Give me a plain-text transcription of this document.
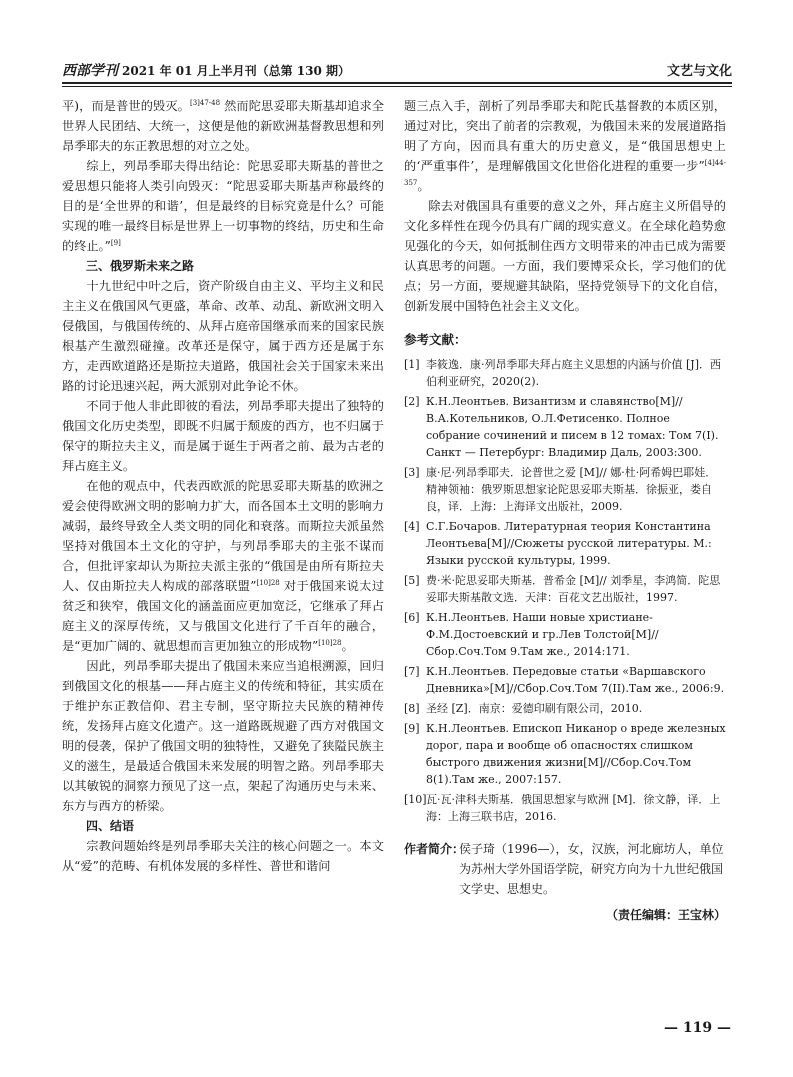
西部学刊 2021 年 01 月上半月刊（总第 130 期）	文艺与文化

平)，而是普世的毁灭。$^{[3]47-48}$ 然而陀思妥耶夫斯基却追求全世界人民团结、大统一，这便是他的新欧洲基督教思想和列昂季耶夫的东正教思想的对立之处。

综上，列昂季耶夫得出结论：陀思妥耶夫斯基的普世之爱思想只能将人类引向毁灭：“陀思妥耶夫斯基声称最终的目的是‘全世界的和谐’，但是最终的目标究竟是什么？可能实现的唯一最终目标是世界上一切事物的终结，历史和生命的终止。”[9]

三、俄罗斯未来之路

十九世纪中叶之后，资产阶级自由主义、平均主义和民主主义在俄国风气更盛，革命、改革、动乱、新欧洲文明入侵俄国，与俄国传统的、从拜占庭帝国继承而来的国家民族根基产生激烈碰撞。改革还是保守，属于西方还是属于东方，走西欧道路还是斯拉夫道路，俄国社会关于国家未来出路的讨论迅速兴起，两大派别对此争论不休。

不同于他人非此即彼的看法，列昂季耶夫提出了独特的俄国文化历史类型，即既不归属于颓废的西方，也不归属于保守的斯拉夫主义，而是属于诞生于两者之前、最为古老的拜占庭主义。

在他的观点中，代表西欧派的陀思妥耶夫斯基的欧洲之爱会使得欧洲文明的影响力扩大，而各国本土文明的影响力减弱，最终导致全人类文明的同化和衰落。而斯拉夫派虽然坚持对俄国本土文化的守护，与列昂季耶夫的主张不谋而合，但批评家却认为斯拉夫派主张的“俄国是由所有斯拉夫人、仅由斯拉夫人构成的部落联盟”$^{[10]28}$ 对于俄国来说太过贫乏和狭窄，俄国文化的涵盖面应更加宽泛，它继承了拜占庭主义的深厚传统，又与俄国文化进行了千百年的融合，是“更加广阔的、就思想而言更加独立的形成物”$^{[10]28}$。

因此，列昂季耶夫提出了俄国未来应当追根溯源，回归到俄国文化的根基——拜占庭主义的传统和特征，其实质在于维护东正教信仰、君主专制，坚守斯拉夫民族的精神传统，发扬拜占庭文化遗产。这一道路既规避了西方对俄国文明的侵袭，保护了俄国文明的独特性，又避免了狭隘民族主义的滋生，是最适合俄国未来发展的明智之路。列昂季耶夫以其敏锐的洞察力预见了这一点，架起了沟通历史与未来、东方与西方的桥梁。

四、结语

宗教问题始终是列昂季耶夫关注的核心问题之一。本文从“爱”的范畴、有机体发展的多样性、普世和谐问

题三点入手，剖析了列昂季耶夫和陀氏基督教的本质区别，通过对比，突出了前者的宗教观，为俄国未来的发展道路指明了方向，因而具有重大的历史意义，是“俄国思想史上的‘严重事件’，是理解俄国文化世俗化进程的重要一步”$^{[4]44-357}$。

除去对俄国具有重要的意义之外，拜占庭主义所倡导的文化多样性在现今仍具有广阔的现实意义。在全球化趋势愈见强化的今天，如何抵制住西方文明带来的冲击已成为需要认真思考的问题。一方面，我们要博采众长，学习他们的优点；另一方面，要规避其缺陷，坚持党领导下的文化自信，创新发展中国特色社会主义文化。

参考文献：
[1] 李筱逸．康·列昂季耶夫拜占庭主义思想的内涵与价值 [J]．西伯利亚研究，2020(2).
[2] К.Н.Леонтьев. Византизм и славянство[М]// В.А.Котельников, О.Л.Фетисенко. Полное собрание сочинений и писем в 12 томах: Том 7(I). Санкт — Петербург: Владимир Даль, 2003:300.
[3] 康·尼·列昂季耶夫．论普世之爱 [M]// 娜·杜·阿希姆巴耶娃．精神领袖：俄罗斯思想家论陀思妥耶夫斯基．徐振亚，娄自良，译．上海：上海译文出版社，2009.
[4] С.Г.Бочаров. Литературная теория Константина Леонтьева[М]//Сюжеты русской литературы. М.: Языки русской культуры, 1999.
[5] 费·米·陀思妥耶夫斯基．普希金 [M]// 刘季星，李鸿简．陀思妥耶夫斯基散文选．天津：百花文艺出版社，1997.
[6] К.Н.Леонтьев. Наши новые христиане-Ф.М.Достоевский и гр.Лев Толстой[М]//Сбор.Соч.Том 9.Там же., 2014:171.
[7] К.Н.Леонтьев. Передовые статьи «Варшавского Дневника»[М]//Сбор.Соч.Том 7(II).Там же., 2006:9.
[8] 圣经 [Z]．南京：爱德印刷有限公司，2010.
[9] К.Н.Леонтьев. Епископ Никанор о вреде железных дорог, пара и вообще об опасностях слишком быстрого движения жизни[М]//Сбор.Соч.Том 8(1).Там же., 2007:157.
[10] 瓦·瓦·津科夫斯基．俄国思想家与欧洲 [M]．徐文静，译．上海：上海三联书店，2016.
作者简介：
侯子琦（1996—），女，汉族，河北廊坊人，单位为苏州大学外国语学院，研究方向为十九世纪俄国文学史、思想史。
（责任编辑：王宝林）
— 119 —
